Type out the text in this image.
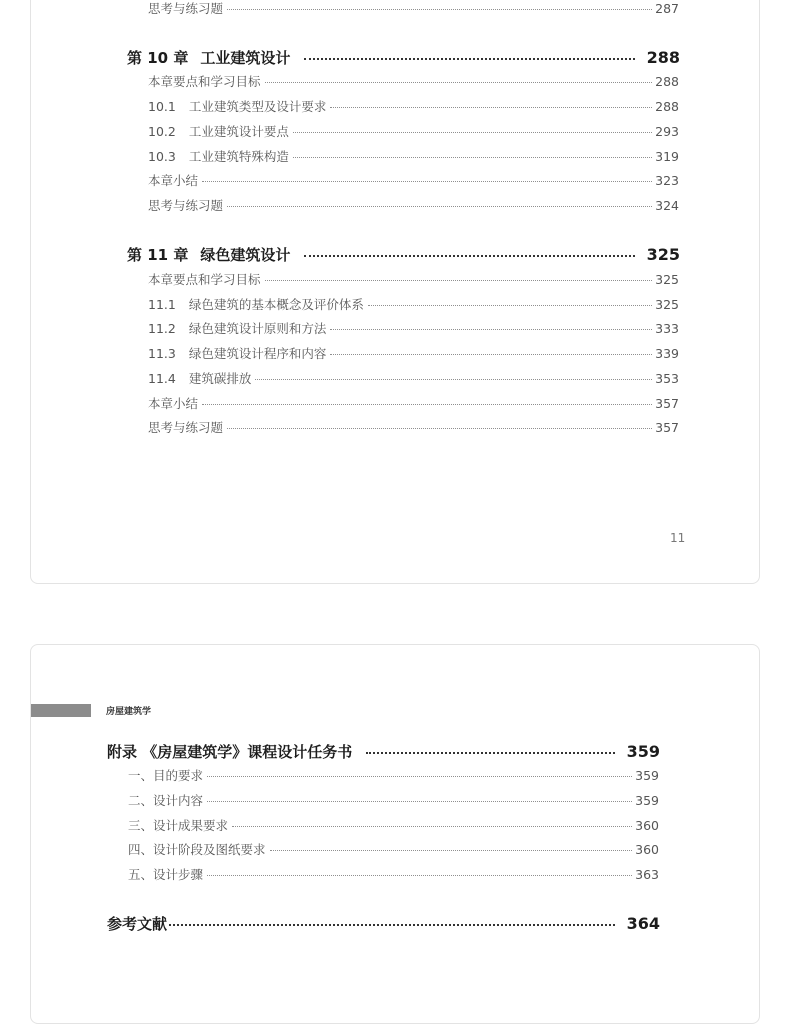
思考与练习题	287
第 10 章 工业建筑设计	288
本章要点和学习目标	288
10.1 工业建筑类型及设计要求	288
10.2 工业建筑设计要点	293
10.3 工业建筑特殊构造	319
本章小结	323
思考与练习题	324
第 11 章 绿色建筑设计	325
本章要点和学习目标	325
11.1 绿色建筑的基本概念及评价体系	325
11.2 绿色建筑设计原则和方法	333
11.3 绿色建筑设计程序和内容	339
11.4 建筑碳排放	353
本章小结	357
思考与练习题	357
11
房屋建筑学
附录 《房屋建筑学》课程设计任务书	359
一、目的要求	359
二、设计内容	359
三、设计成果要求	360
四、设计阶段及图纸要求	360
五、设计步骤	363
参考文献	364
